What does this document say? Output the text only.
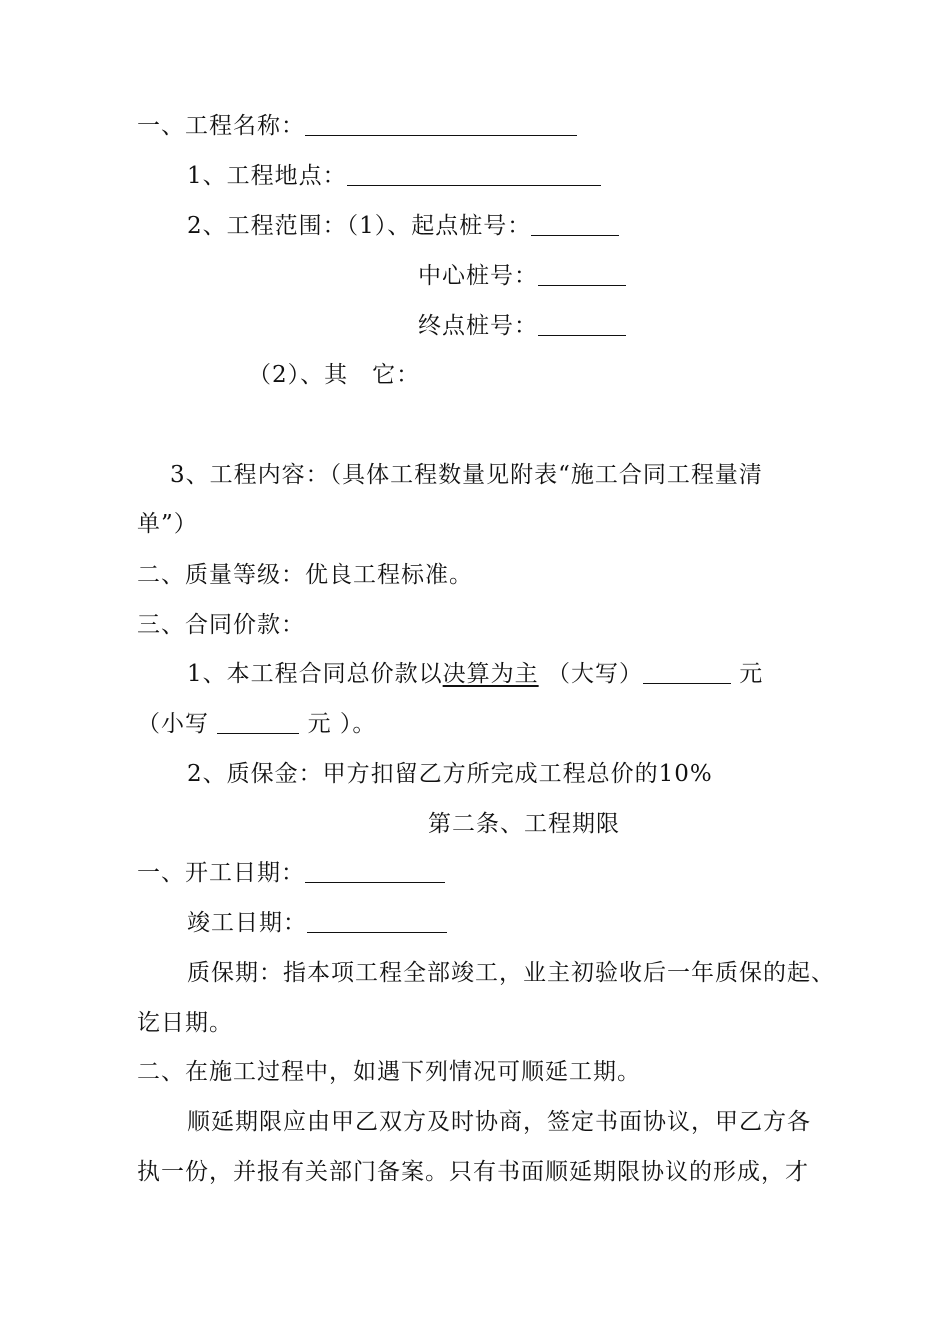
一、工程名称：
1、工程地点：
2、工程范围：（1）、起点桩号：
中心桩号：
终点桩号：
（2）、其　它：
3、工程内容：（具体工程数量见附表“施工合同工程量清
单”）
二、质量等级：优良工程标准。
三、合同价款：
1、本工程合同总价款以决算为主 （大写）	元
（小写	元 ）。
2、质保金：甲方扣留乙方所完成工程总价的10%
第二条、工程期限
一、开工日期：
竣工日期：
质保期：指本项工程全部竣工，业主初验收后一年质保的起、
讫日期。
二、在施工过程中，如遇下列情况可顺延工期。
顺延期限应由甲乙双方及时协商，签定书面协议，甲乙方各
执一份，并报有关部门备案。只有书面顺延期限协议的形成，才
